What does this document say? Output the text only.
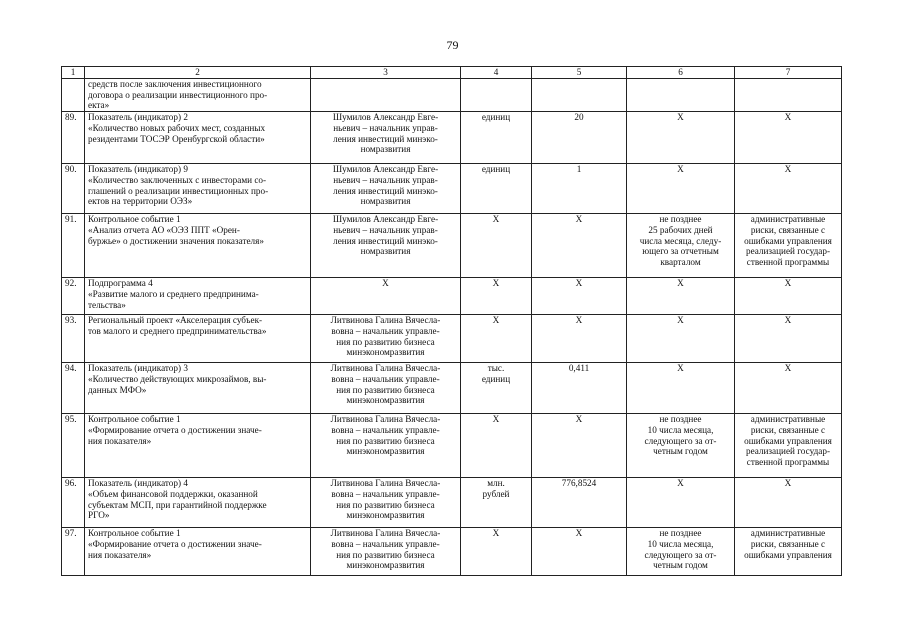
79
1	2	3	4	5	6	7
	средств после заключения инвестиционного
договора о реализации инвестиционного про-
екта»					
89.	Показатель (индикатор) 2
«Количество новых рабочих мест, созданных
резидентами ТОСЭР Оренбургской области»	Шумилов Александр Евге-
ньевич – начальник управ-
ления инвестиций минэко-
номразвития	единиц	20	X	X
90.	Показатель (индикатор) 9
«Количество заключенных с инвесторами со-
глашений о реализации инвестиционных про-
ектов на территории ОЭЗ»	Шумилов Александр Евге-
ньевич – начальник управ-
ления инвестиций минэко-
номразвития	единиц	1	X	X
91.	Контрольное событие 1
«Анализ отчета АО «ОЭЗ ППТ «Орен-
буржье» о достижении значения показателя»	Шумилов Александр Евге-
ньевич – начальник управ-
ления инвестиций минэко-
номразвития	X	X	не позднее
25 рабочих дней
числа месяца, следу-
ющего за отчетным
кварталом	административные
риски, связанные с
ошибками управления
реализацией государ-
ственной программы
92.	Подпрограмма 4
«Развитие малого и среднего предпринима-
тельства»	X	X	X	X	X
93.	Региональный проект «Акселерация субъек-
тов малого и среднего предпринимательства»	Литвинова Галина Вячесла-
вовна – начальник управле-
ния по развитию бизнеса
минэкономразвития	X	X	X	X
94.	Показатель (индикатор) 3
«Количество действующих микрозаймов, вы-
данных МФО»	Литвинова Галина Вячесла-
вовна – начальник управле-
ния по развитию бизнеса
минэкономразвития	тыс.
единиц	0,411	X	X
95.	Контрольное событие 1
«Формирование отчета о достижении значе-
ния показателя»	Литвинова Галина Вячесла-
вовна – начальник управле-
ния по развитию бизнеса
минэкономразвития	X	X	не позднее
10 числа месяца,
следующего за от-
четным годом	административные
риски, связанные с
ошибками управления
реализацией государ-
ственной программы
96.	Показатель (индикатор) 4
«Объем финансовой поддержки, оказанной
субъектам МСП, при гарантийной поддержке
РГО»	Литвинова Галина Вячесла-
вовна – начальник управле-
ния по развитию бизнеса
минэкономразвития	млн.
рублей	776,8524	X	X
97.	Контрольное событие 1
«Формирование отчета о достижении значе-
ния показателя»	Литвинова Галина Вячесла-
вовна – начальник управле-
ния по развитию бизнеса
минэкономразвития	X	X	не позднее
10 числа месяца,
следующего за от-
четным годом	административные
риски, связанные с
ошибками управления
